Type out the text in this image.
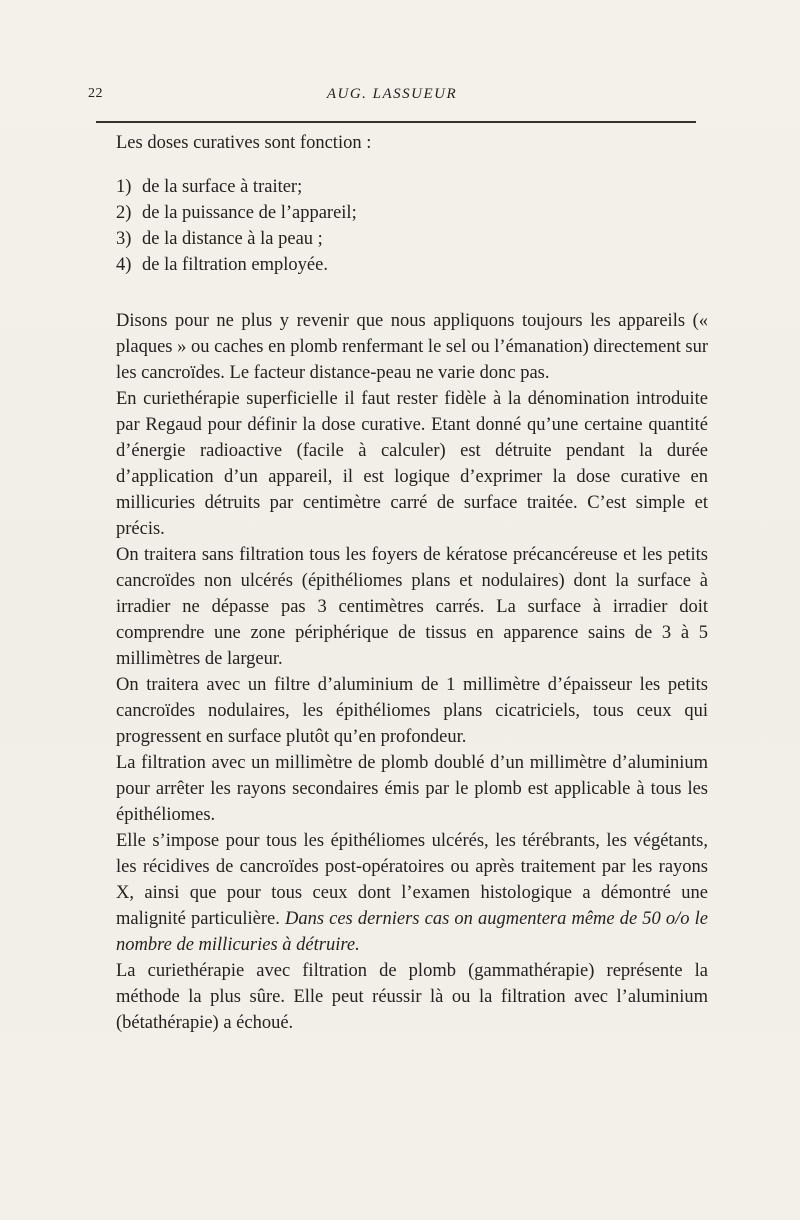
22	AUG. LASSUEUR

Les doses curatives sont fonction :

1) de la surface à traiter;
2) de la puissance de l’appareil;
3) de la distance à la peau ;
4) de la filtration employée.

Disons pour ne plus y revenir que nous appliquons toujours les appareils (« plaques » ou caches en plomb renfermant le sel ou l’émanation) directement sur les cancroïdes. Le facteur distance-peau ne varie donc pas.

En curiethérapie superficielle il faut rester fidèle à la dénomination introduite par Regaud pour définir la dose curative. Etant donné qu’une certaine quantité d’énergie radioactive (facile à calculer) est détruite pendant la durée d’application d’un appareil, il est logique d’exprimer la dose curative en millicuries détruits par centimètre carré de surface traitée. C’est simple et précis.

On traitera sans filtration tous les foyers de kératose précancéreuse et les petits cancroïdes non ulcérés (épithéliomes plans et nodulaires) dont la surface à irradier ne dépasse pas 3 centimètres carrés. La surface à irradier doit comprendre une zone périphérique de tissus en apparence sains de 3 à 5 millimètres de largeur.

On traitera avec un filtre d’aluminium de 1 millimètre d’épaisseur les petits cancroïdes nodulaires, les épithéliomes plans cicatriciels, tous ceux qui progressent en surface plutôt qu’en profondeur.

La filtration avec un millimètre de plomb doublé d’un millimètre d’aluminium pour arrêter les rayons secondaires émis par le plomb est applicable à tous les épithéliomes.

Elle s’impose pour tous les épithéliomes ulcérés, les térébrants, les végétants, les récidives de cancroïdes post-opératoires ou après traitement par les rayons X, ainsi que pour tous ceux dont l’examen histologique a démontré une malignité particulière. Dans ces derniers cas on augmentera même de 50 o/o le nombre de millicuries à détruire.

La curiethérapie avec filtration de plomb (gammathérapie) représente la méthode la plus sûre. Elle peut réussir là ou la filtration avec l’aluminium (bétathérapie) a échoué.
